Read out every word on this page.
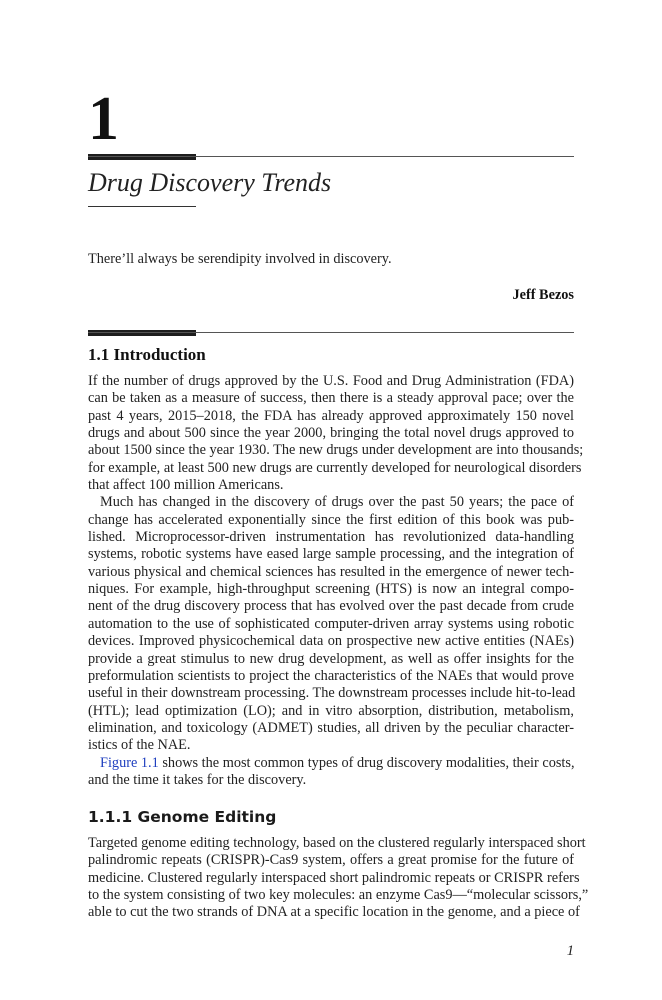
1
Drug Discovery Trends
There’ll always be serendipity involved in discovery.
Jeff Bezos
1.1 Introduction
If the number of drugs approved by the U.S. Food and Drug Administration (FDA)
can be taken as a measure of success, then there is a steady approval pace; over the
past 4 years, 2015–2018, the FDA has already approved approximately 150 novel
drugs and about 500 since the year 2000, bringing the total novel drugs approved to
about 1500 since the year 1930. The new drugs under development are into thousands;
for example, at least 500 new drugs are currently developed for neurological disorders
that affect 100 million Americans.
Much has changed in the discovery of drugs over the past 50 years; the pace of
change has accelerated exponentially since the first edition of this book was pub-
lished. Microprocessor-driven instrumentation has revolutionized data-handling
systems, robotic systems have eased large sample processing, and the integration of
various physical and chemical sciences has resulted in the emergence of newer tech-
niques. For example, high-throughput screening (HTS) is now an integral compo-
nent of the drug discovery process that has evolved over the past decade from crude
automation to the use of sophisticated computer-driven array systems using robotic
devices. Improved physicochemical data on prospective new active entities (NAEs)
provide a great stimulus to new drug development, as well as offer insights for the
preformulation scientists to project the characteristics of the NAEs that would prove
useful in their downstream processing. The downstream processes include hit-to-lead
(HTL); lead optimization (LO); and in vitro absorption, distribution, metabolism,
elimination, and toxicology (ADMET) studies, all driven by the peculiar character-
istics of the NAE.
Figure 1.1 shows the most common types of drug discovery modalities, their costs,
and the time it takes for the discovery.
1.1.1 Genome Editing
Targeted genome editing technology, based on the clustered regularly interspaced short
palindromic repeats (CRISPR)-Cas9 system, offers a great promise for the future of
medicine. Clustered regularly interspaced short palindromic repeats or CRISPR refers
to the system consisting of two key molecules: an enzyme Cas9—“molecular scissors,”
able to cut the two strands of DNA at a specific location in the genome, and a piece of
1
